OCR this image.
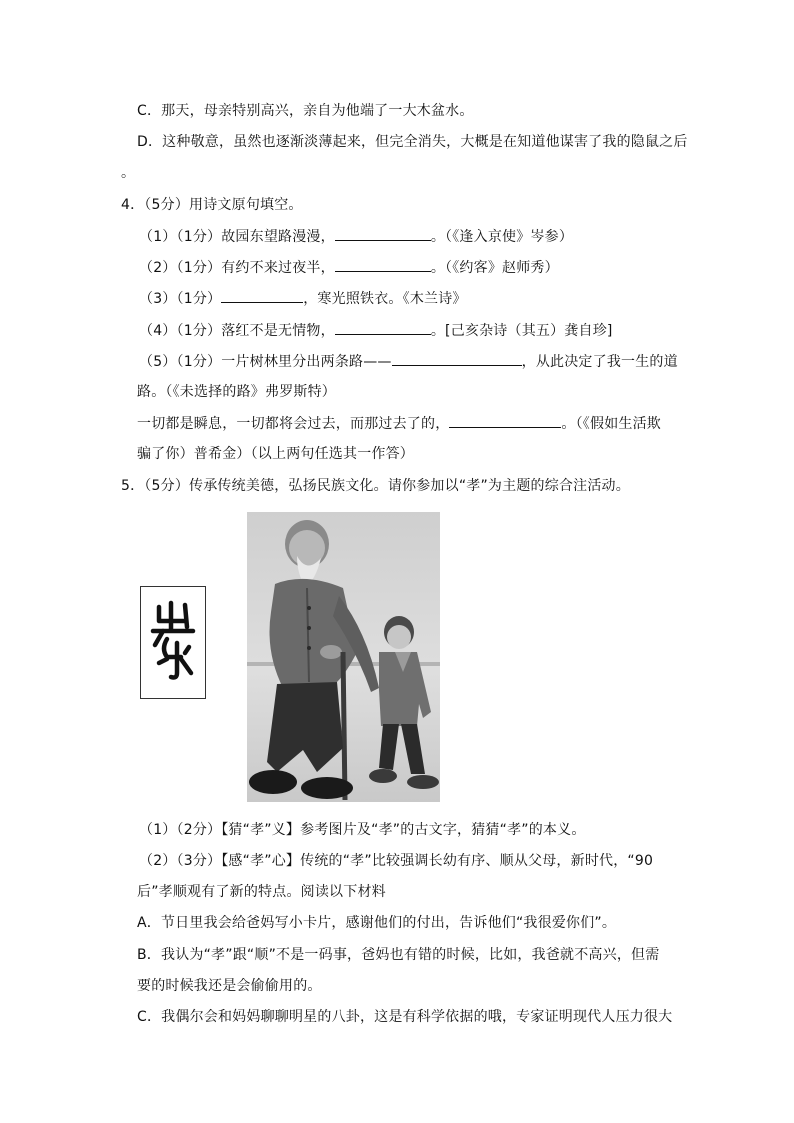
C．那天，母亲特别高兴，亲自为他端了一大木盆水。
D．这种敬意，虽然也逐渐淡薄起来，但完全消失，大概是在知道他谋害了我的隐鼠之后
。
4．（5分）用诗文原句填空。
（1）（1分）故园东望路漫漫，	。（《逢入京使》岑参）
（2）（1分）有约不来过夜半，	。（《约客》赵师秀）
（3）（1分）	，寒光照铁衣。《木兰诗》
（4）（1分）落红不是无情物，	。[己亥杂诗（其五）龚自珍]
（5）（1分）一片树林里分出两条路——	，从此决定了我一生的道
路。（《未选择的路》弗罗斯特）
一切都是瞬息，一切都将会过去，而那过去了的，	。（《假如生活欺
骗了你）普希金）（以上两句任选其一作答）
5．（5分）传承传统美德，弘扬民族文化。请你参加以“孝”为主题的综合注活动。
（1）（2分）【猜“孝”义】参考图片及“孝”的古文字，猜猜“孝”的本义。
（2）（3分）【感“孝”心】传统的“孝”比较强调长幼有序、顺从父母，新时代，“90
后”孝顺观有了新的特点。阅读以下材料
A．节日里我会给爸妈写小卡片，感谢他们的付出，告诉他们“我很爱你们”。
B．我认为“孝”跟“顺”不是一码事，爸妈也有错的时候，比如，我爸就不高兴，但需
要的时候我还是会偷偷用的。
C．我偶尔会和妈妈聊聊明星的八卦，这是有科学依据的哦，专家证明现代人压力很大
